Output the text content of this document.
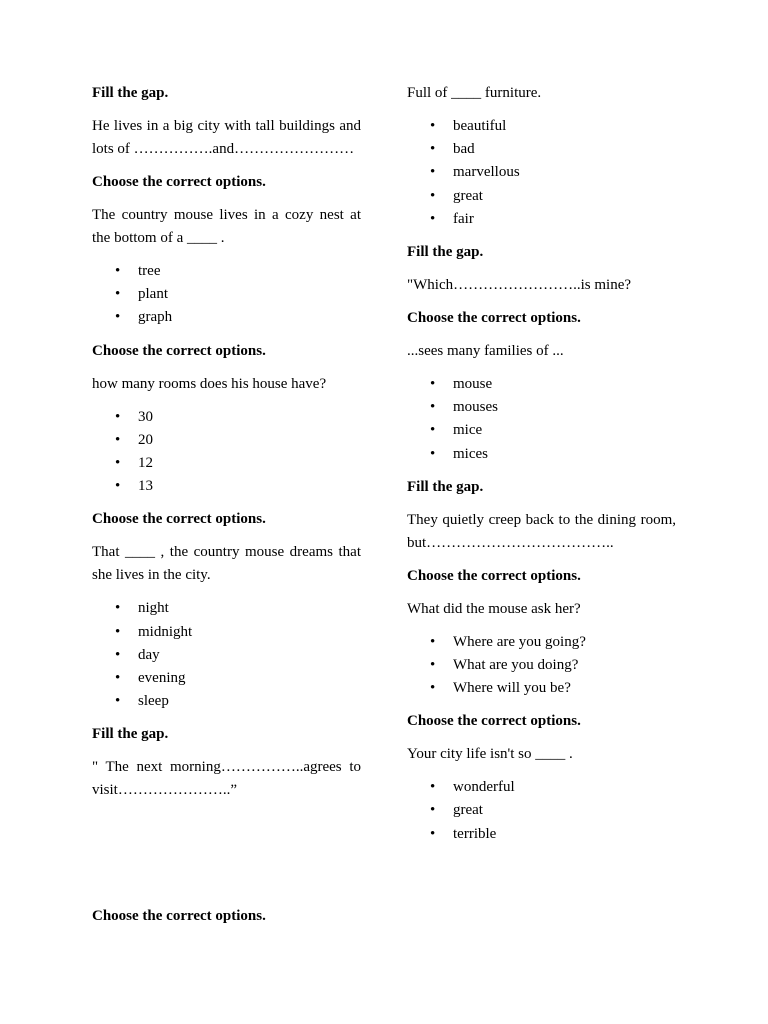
Fill the gap.
He lives in a big city with tall buildings and lots of …………….and……………………
Choose the correct options.
The country mouse lives in a cozy nest at the bottom of a ____ .
• tree
• plant
• graph
Choose the correct options.
how many rooms does his house have?
• 30
• 20
• 12
• 13
Choose the correct options.
That ____ , the country mouse dreams that she lives in the city.
• night
• midnight
• day
• evening
• sleep
Fill the gap.
" The next morning……………..agrees to visit…………………..”
Full of ____ furniture.
• beautiful
• bad
• marvellous
• great
• fair
Fill the gap.
"Which……………………..is mine?
Choose the correct options.
...sees many families of ...
• mouse
• mouses
• mice
• mices
Fill the gap.
They quietly creep back to the dining room, but………………………………..
Choose the correct options.
What did the mouse ask her?
• Where are you going?
• What are you doing?
• Where will you be?
Choose the correct options.
Your city life isn't so ____ .
• wonderful
• great
• terrible
Choose the correct options.
